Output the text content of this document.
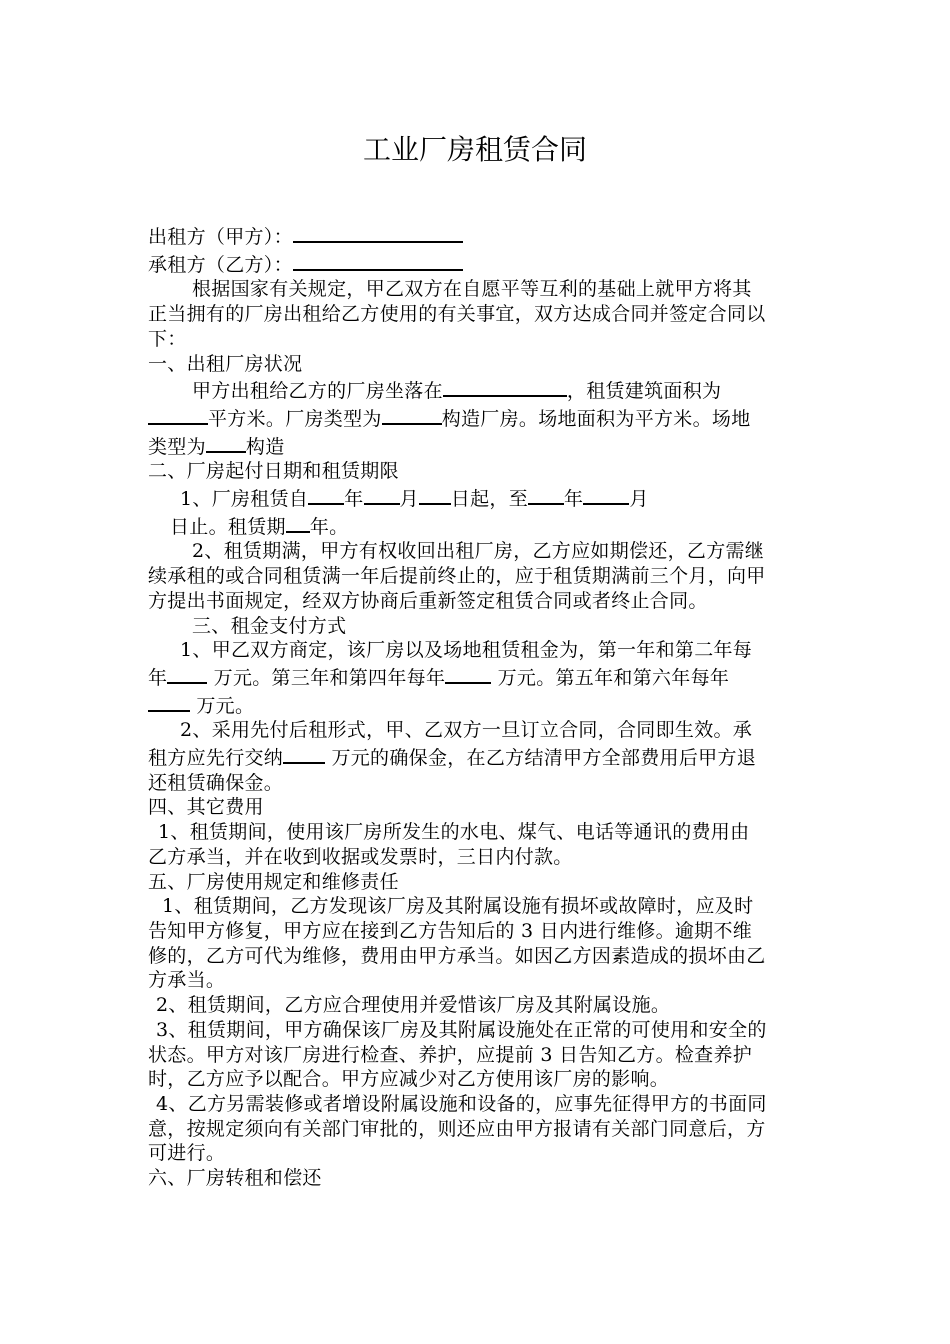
工业厂房租赁合同

出租方（甲方）：

承租方（乙方）：

根据国家有关规定，甲乙双方在自愿平等互利的基础上就甲方将其正当拥有的厂房出租给乙方使用的有关事宜，双方达成合同并签定合同以下：

一、出租厂房状况

甲方出租给乙方的厂房坐落在	，租赁建筑面积为平方米。厂房类型为	构造厂房。场地面积为平方米。场地类型为 构造

二、厂房起付日期和租赁期限

1、厂房租赁自 年 月 日起，至 年 月
日止。租赁期 年。

2、租赁期满，甲方有权收回出租厂房，乙方应如期偿还，乙方需继续承租的或合同租赁满一年后提前终止的，应于租赁期满前三个月，向甲方提出书面规定，经双方协商后重新签定租赁合同或者终止合同。

三、租金支付方式

1、甲乙双方商定，该厂房以及场地租赁租金为，第一年和第二年每年 万元。第三年和第四年每年 万元。第五年和第六年每年 万元。

2、采用先付后租形式，甲、乙双方一旦订立合同，合同即生效。承租方应先行交纳 万元的确保金，在乙方结清甲方全部费用后甲方退还租赁确保金。

四、其它费用

1、租赁期间，使用该厂房所发生的水电、煤气、电话等通讯的费用由乙方承当，并在收到收据或发票时，三日内付款。

五、厂房使用规定和维修责任

1、租赁期间，乙方发现该厂房及其附属设施有损坏或故障时，应及时告知甲方修复，甲方应在接到乙方告知后的 3 日内进行维修。逾期不维修的，乙方可代为维修，费用由甲方承当。如因乙方因素造成的损坏由乙方承当。

2、租赁期间，乙方应合理使用并爱惜该厂房及其附属设施。

3、租赁期间，甲方确保该厂房及其附属设施处在正常的可使用和安全的状态。甲方对该厂房进行检查、养护，应提前 3 日告知乙方。检查养护时，乙方应予以配合。甲方应减少对乙方使用该厂房的影响。

4、乙方另需装修或者增设附属设施和设备的，应事先征得甲方的书面同意，按规定须向有关部门审批的，则还应由甲方报请有关部门同意后，方可进行。

六、厂房转租和偿还
